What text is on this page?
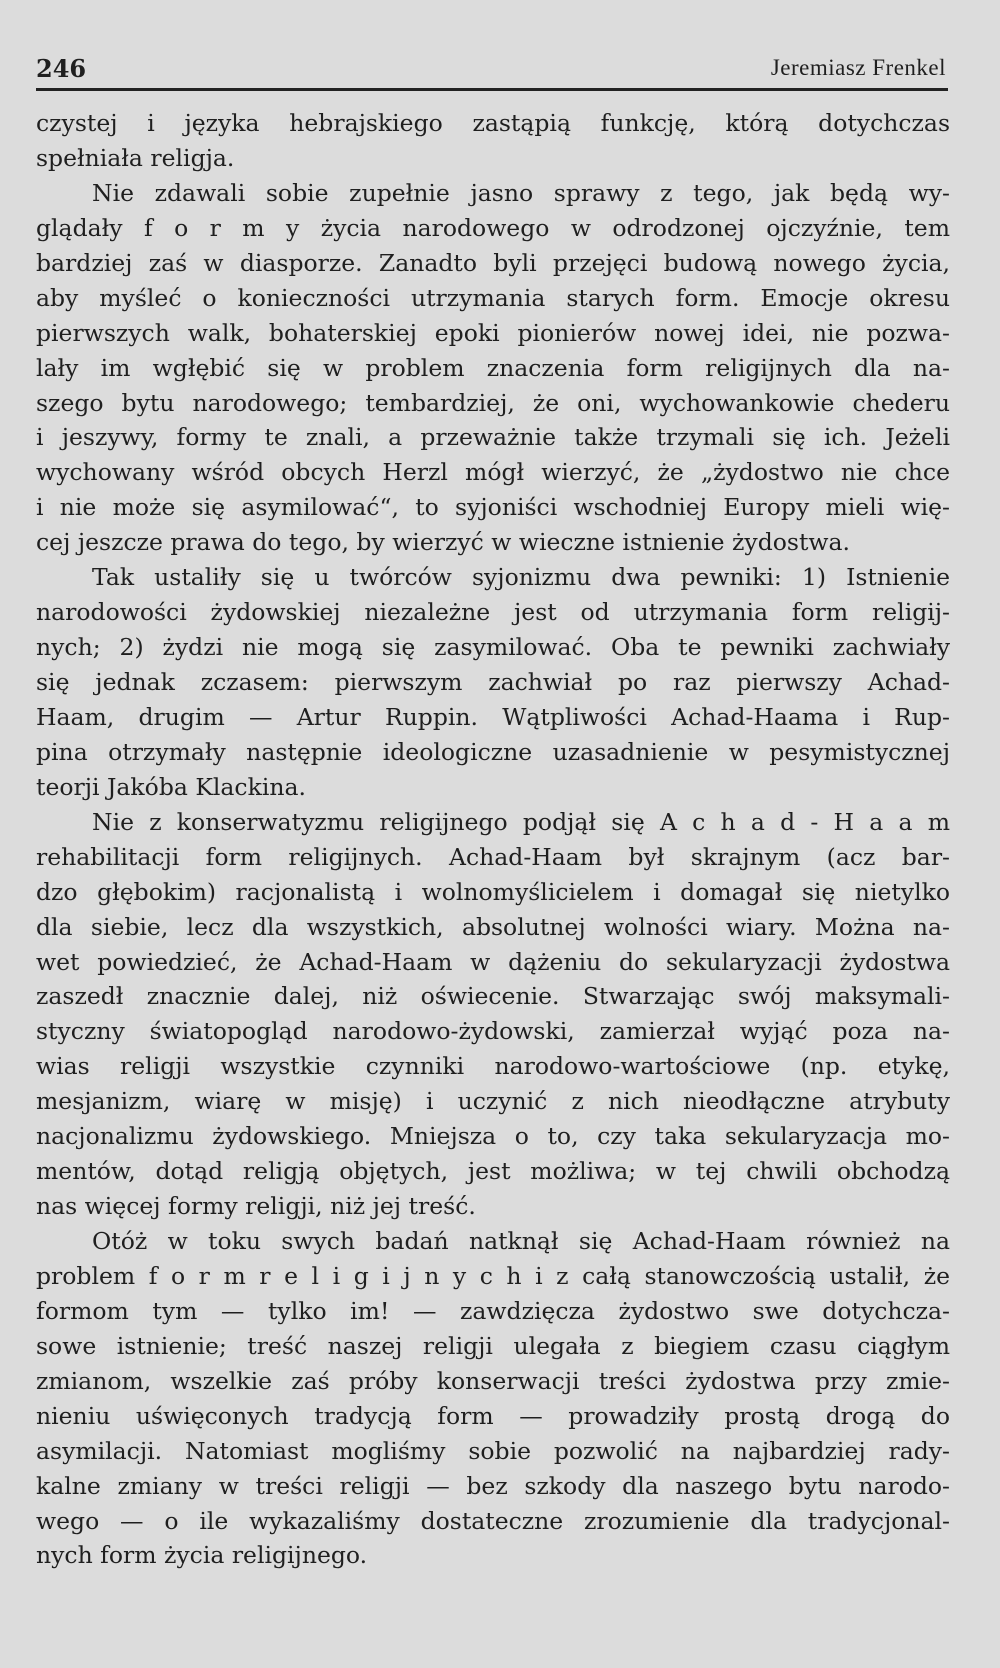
246	Jeremiasz Frenkel
czystej i języka hebrajskiego zastąpią funkcję, którą dotychczas
spełniała religja.
Nie zdawali sobie zupełnie jasno sprawy z tego, jak będą wy-
glądały f o r m y życia narodowego w odrodzonej ojczyźnie, tem
bardziej zaś w diasporze. Zanadto byli przejęci budową nowego życia,
aby myśleć o konieczności utrzymania starych form. Emocje okresu
pierwszych walk, bohaterskiej epoki pionierów nowej idei, nie pozwa-
lały im wgłębić się w problem znaczenia form religijnych dla na-
szego bytu narodowego; tembardziej, że oni, wychowankowie chederu
i jeszywy, formy te znali, a przeważnie także trzymali się ich. Jeżeli
wychowany wśród obcych Herzl mógł wierzyć, że „żydostwo nie chce
i nie może się asymilować“, to syjoniści wschodniej Europy mieli wię-
cej jeszcze prawa do tego, by wierzyć w wieczne istnienie żydostwa.
Tak ustaliły się u twórców syjonizmu dwa pewniki: 1) Istnienie
narodowości żydowskiej niezależne jest od utrzymania form religij-
nych; 2) żydzi nie mogą się zasymilować. Oba te pewniki zachwiały
się jednak zczasem: pierwszym zachwiał po raz pierwszy Achad-
Haam, drugim — Artur Ruppin. Wątpliwości Achad-Haama i Rup-
pina otrzymały następnie ideologiczne uzasadnienie w pesymistycznej
teorji Jakóba Klackina.
Nie z konserwatyzmu religijnego podjął się A c h a d - H a a m
rehabilitacji form religijnych. Achad-Haam był skrajnym (acz bar-
dzo głębokim) racjonalistą i wolnomyślicielem i domagał się nietylko
dla siebie, lecz dla wszystkich, absolutnej wolności wiary. Można na-
wet powiedzieć, że Achad-Haam w dążeniu do sekularyzacji żydostwa
zaszedł znacznie dalej, niż oświecenie. Stwarzając swój maksymali-
styczny światopogląd narodowo-żydowski, zamierzał wyjąć poza na-
wias religji wszystkie czynniki narodowo-wartościowe (np. etykę,
mesjanizm, wiarę w misję) i uczynić z nich nieodłączne atrybuty
nacjonalizmu żydowskiego. Mniejsza o to, czy taka sekularyzacja mo-
mentów, dotąd religją objętych, jest możliwa; w tej chwili obchodzą
nas więcej formy religji, niż jej treść.
Otóż w toku swych badań natknął się Achad-Haam również na
problem f o r m r e l i g i j n y c h i z całą stanowczością ustalił, że
formom tym — tylko im! — zawdzięcza żydostwo swe dotychcza-
sowe istnienie; treść naszej religji ulegała z biegiem czasu ciągłym
zmianom, wszelkie zaś próby konserwacji treści żydostwa przy zmie-
nieniu uświęconych tradycją form — prowadziły prostą drogą do
asymilacji. Natomiast mogliśmy sobie pozwolić na najbardziej rady-
kalne zmiany w treści religji — bez szkody dla naszego bytu narodo-
wego — o ile wykazaliśmy dostateczne zrozumienie dla tradycjonal-
nych form życia religijnego.
